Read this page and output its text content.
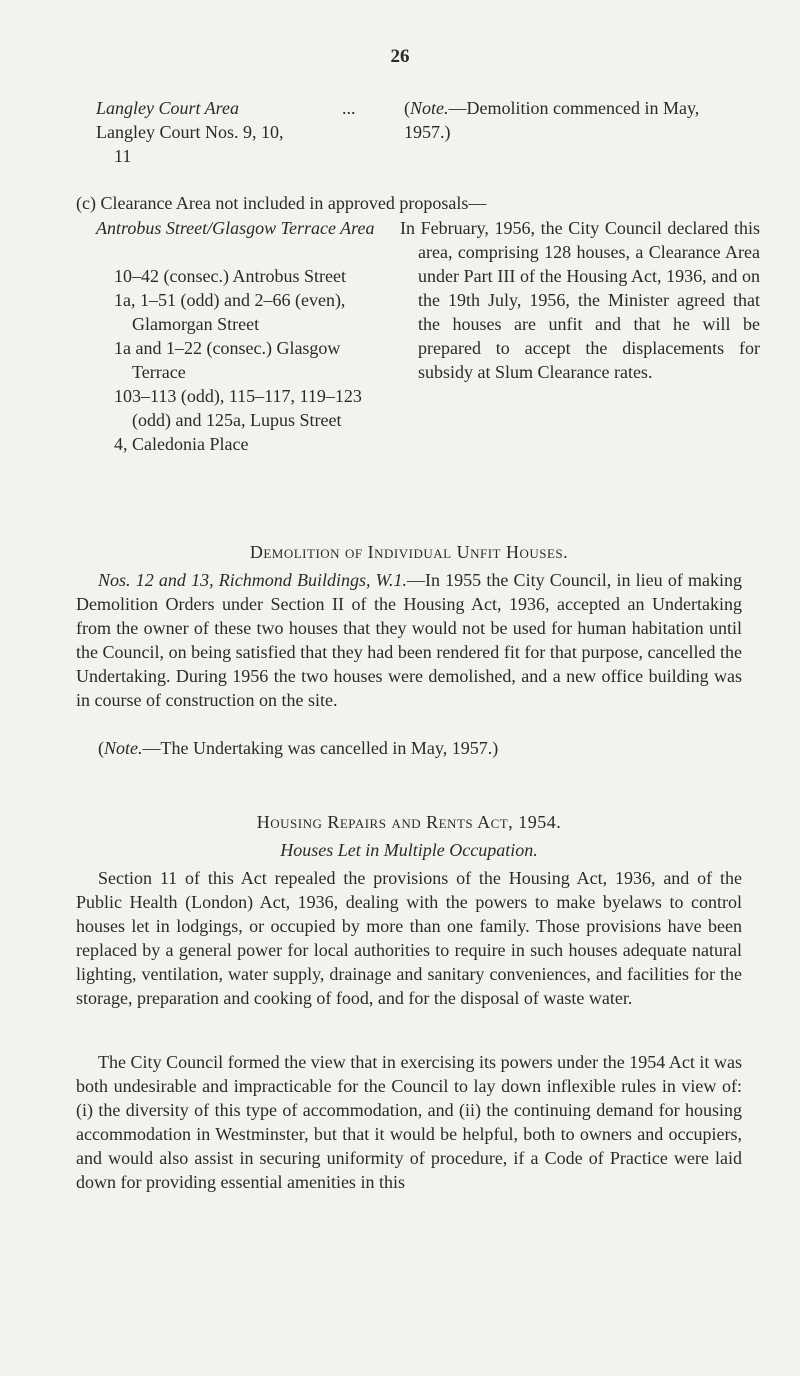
26
Langley Court Area	...
Langley Court Nos. 9, 10, 11
(Note.—Demolition commenced in May, 1957.)
(c) Clearance Area not included in approved proposals—
Antrobus Street/Glasgow Terrace Area
10–42 (consec.) Antrobus Street
1a, 1–51 (odd) and 2–66 (even), Glamorgan Street
1a and 1–22 (consec.) Glasgow Terrace
103–113 (odd), 115–117, 119–123 (odd) and 125a, Lupus Street
4, Caledonia Place
In February, 1956, the City Council declared this area, comprising 128 houses, a Clearance Area under Part III of the Housing Act, 1936, and on the 19th July, 1956, the Minister agreed that the houses are unfit and that he will be prepared to accept the displacements for subsidy at Slum Clearance rates.
Demolition of Individual Unfit Houses.

Nos. 12 and 13, Richmond Buildings, W.1.—In 1955 the City Council, in lieu of making Demolition Orders under Section II of the Housing Act, 1936, accepted an Undertaking from the owner of these two houses that they would not be used for human habitation until the Council, on being satisfied that they had been rendered fit for that purpose, cancelled the Undertaking. During 1956 the two houses were demolished, and a new office building was in course of construction on the site.

(Note.—The Undertaking was cancelled in May, 1957.)
Housing Repairs and Rents Act, 1954.
Houses Let in Multiple Occupation.

Section 11 of this Act repealed the provisions of the Housing Act, 1936, and of the Public Health (London) Act, 1936, dealing with the powers to make byelaws to control houses let in lodgings, or occupied by more than one family. Those provisions have been replaced by a general power for local authorities to require in such houses adequate natural lighting, ventilation, water supply, drainage and sanitary conveniences, and facilities for the storage, preparation and cooking of food, and for the disposal of waste water.

The City Council formed the view that in exercising its powers under the 1954 Act it was both undesirable and impracticable for the Council to lay down inflexible rules in view of: (i) the diversity of this type of accommodation, and (ii) the continuing demand for housing accommodation in Westminster, but that it would be helpful, both to owners and occupiers, and would also assist in securing uniformity of procedure, if a Code of Practice were laid down for providing essential amenities in this
